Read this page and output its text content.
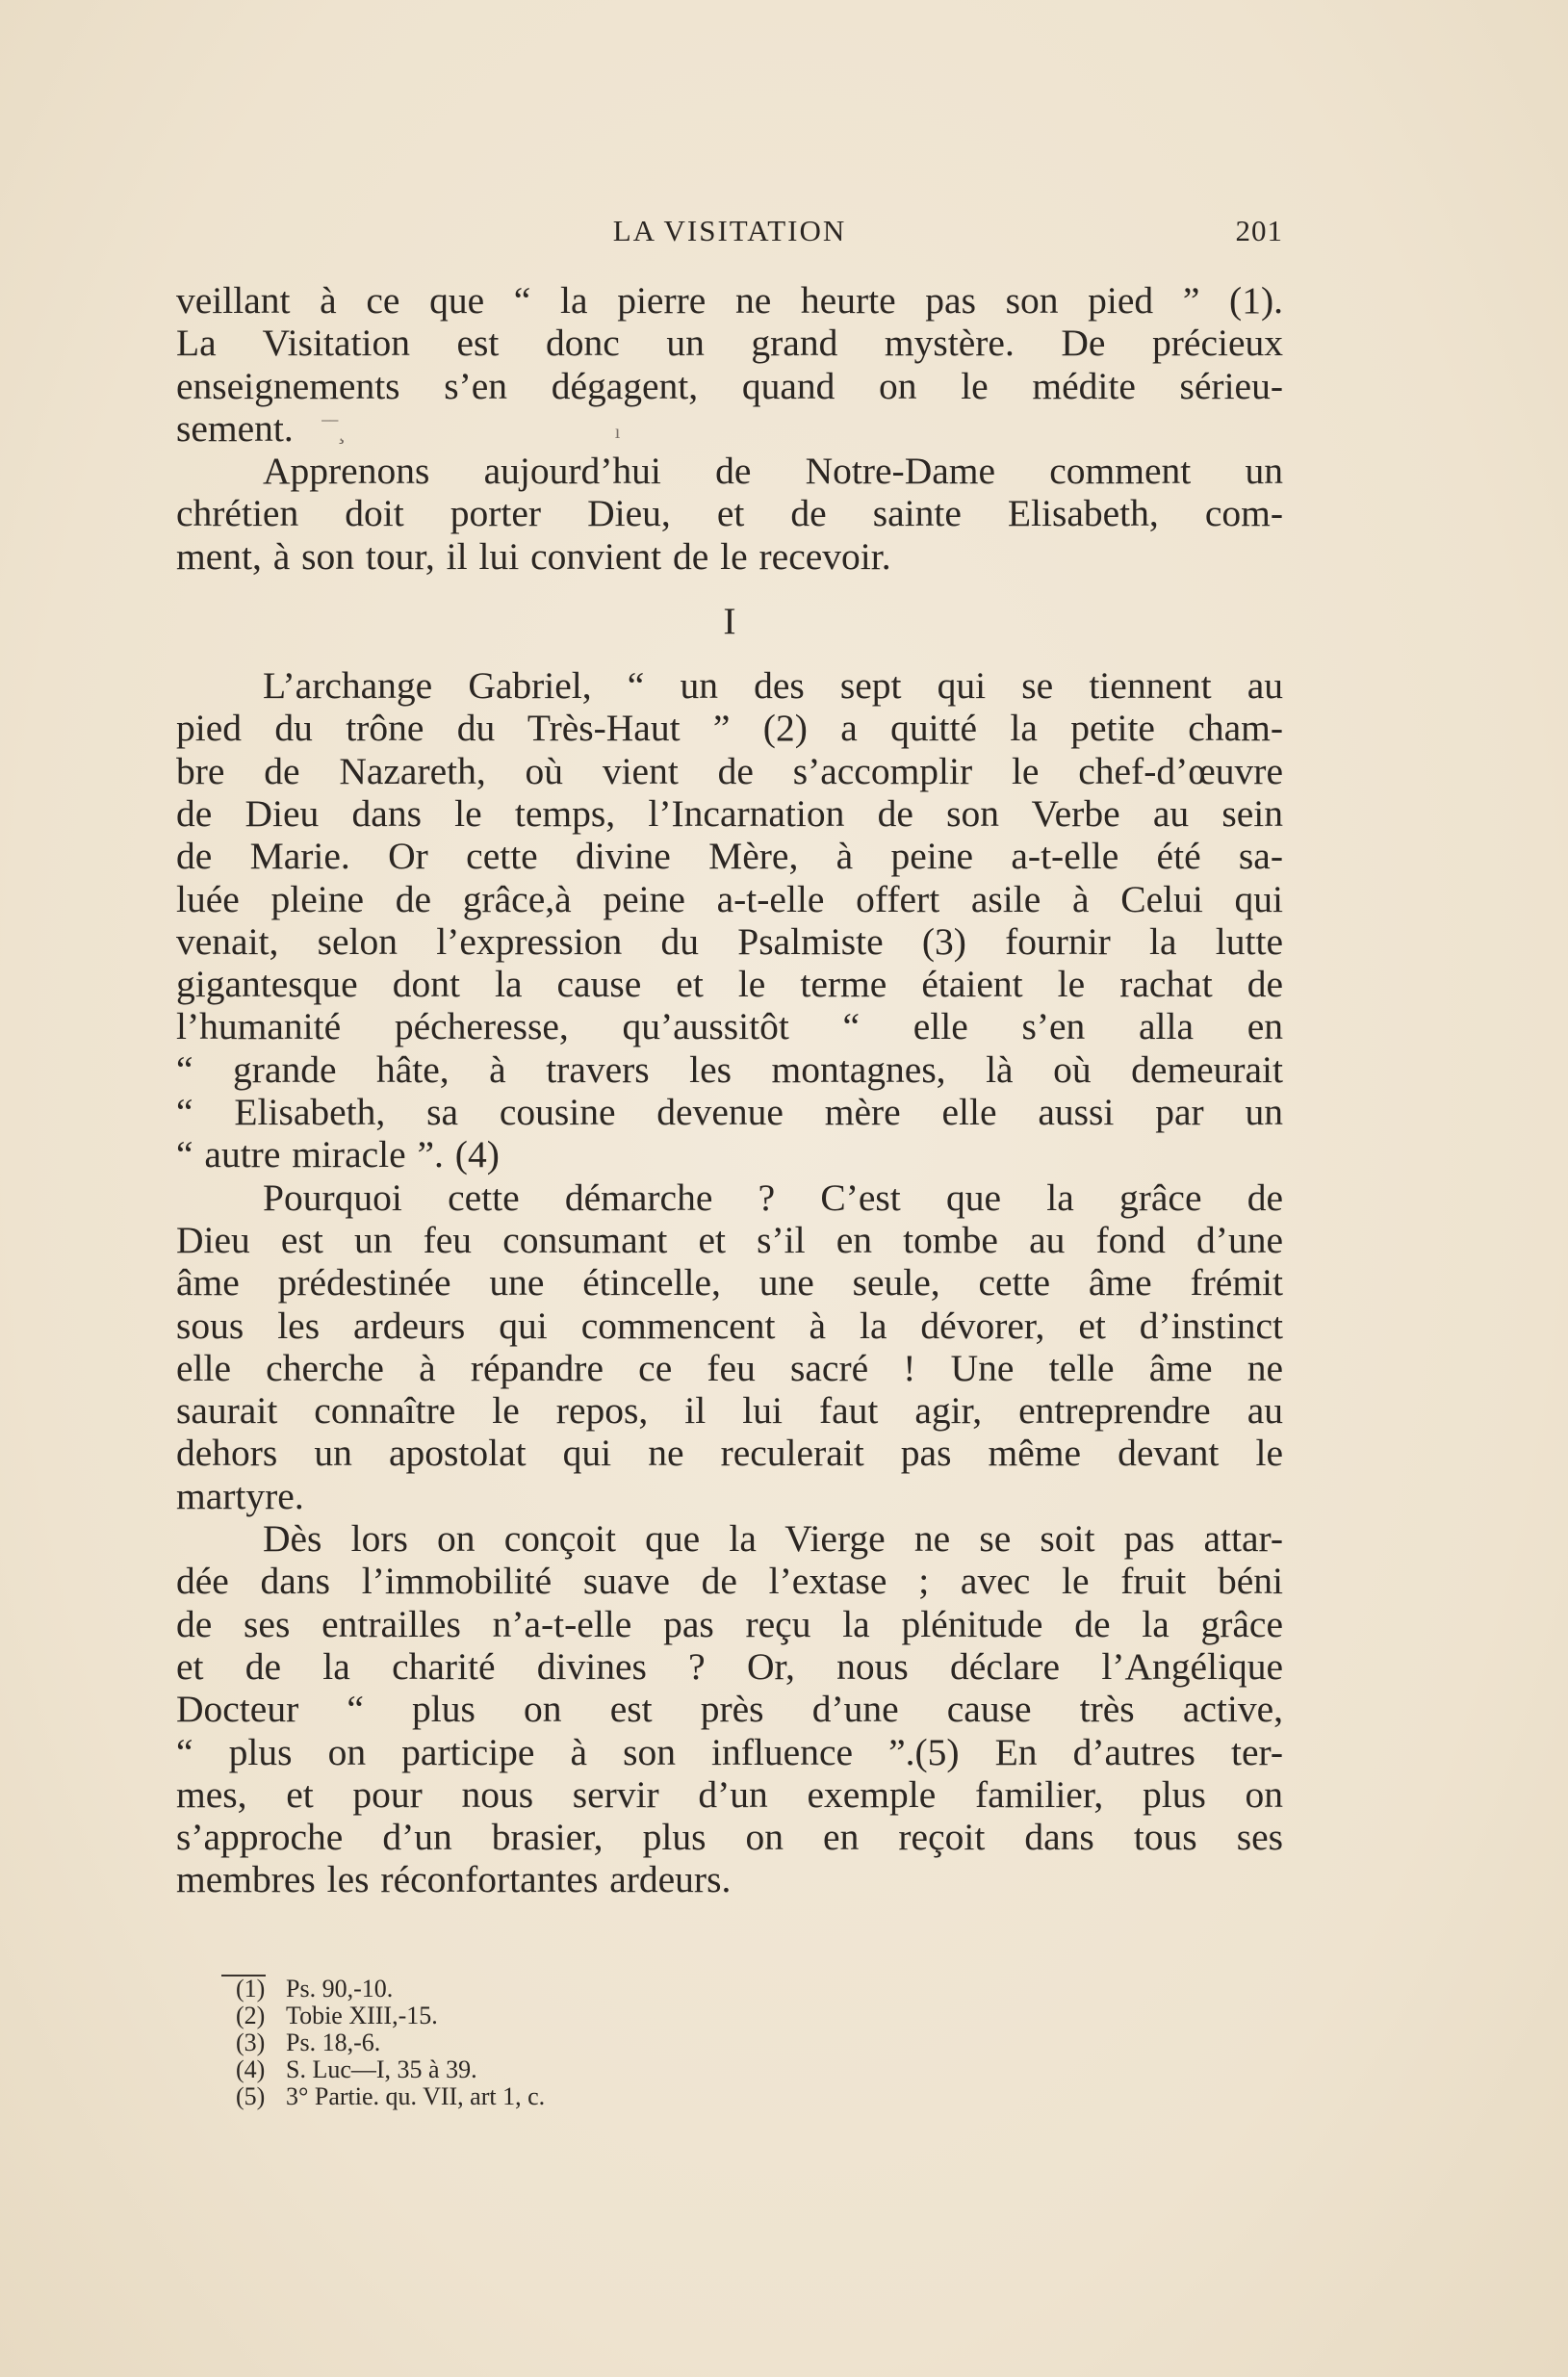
LA VISITATION	201
veillant à ce que “ la pierre ne heurte pas son pied ” (1).
La Visitation est donc un grand mystère. De précieux
enseignements s’en dégagent, quand on le médite sérieu-
sement. ‾‾¸	ı
Apprenons aujourd’hui de Notre-Dame comment un
chrétien doit porter Dieu, et de sainte Elisabeth, com-
ment, à son tour, il lui convient de le recevoir.
I
L’archange Gabriel, “ un des sept qui se tiennent au
pied du trône du Très-Haut ” (2) a quitté la petite cham-
bre de Nazareth, où vient de s’accomplir le chef-d’œuvre
de Dieu dans le temps, l’Incarnation de son Verbe au sein
de Marie. Or cette divine Mère, à peine a-t-elle été sa-
luée pleine de grâce,à peine a-t-elle offert asile à Celui qui
venait, selon l’expression du Psalmiste (3) fournir la lutte
gigantesque dont la cause et le terme étaient le rachat de
l’humanité pécheresse, qu’aussitôt “ elle s’en alla en
“ grande hâte, à travers les montagnes, là où demeurait
“ Elisabeth, sa cousine devenue mère elle aussi par un
“ autre miracle ”. (4)
Pourquoi cette démarche ? C’est que la grâce de
Dieu est un feu consumant et s’il en tombe au fond d’une
âme prédestinée une étincelle, une seule, cette âme frémit
sous les ardeurs qui commencent à la dévorer, et d’instinct
elle cherche à répandre ce feu sacré ! Une telle âme ne
saurait connaître le repos, il lui faut agir, entreprendre au
dehors un apostolat qui ne reculerait pas même devant le
martyre.
Dès lors on conçoit que la Vierge ne se soit pas attar-
dée dans l’immobilité suave de l’extase ; avec le fruit béni
de ses entrailles n’a-t-elle pas reçu la plénitude de la grâce
et de la charité divines ? Or, nous déclare l’Angélique
Docteur “ plus on est près d’une cause très active,
“ plus on participe à son influence ”.(5) En d’autres ter-
mes, et pour nous servir d’un exemple familier, plus on
s’approche d’un brasier, plus on en reçoit dans tous ses
membres les réconfortantes ardeurs.
(1) Ps. 90,-10.
(2) Tobie XIII,-15.
(3) Ps. 18,-6.
(4) S. Luc—I, 35 à 39.
(5) 3° Partie. qu. VII, art 1, c.
